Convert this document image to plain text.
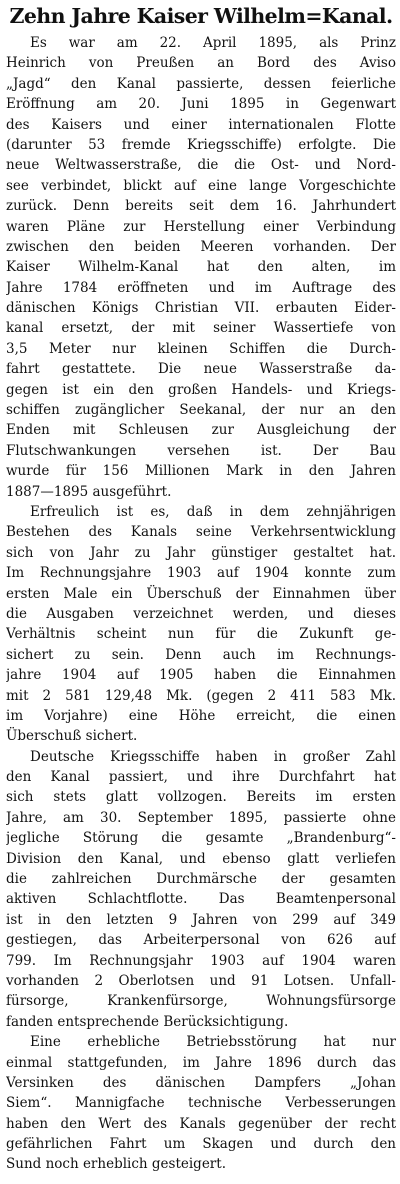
Zehn Jahre Kaiser Wilhelm=Kanal.
Es war am 22. April 1895, als Prinz
Heinrich von Preußen an Bord des Aviso
„Jagd“ den Kanal passierte, dessen feierliche
Eröffnung am 20. Juni 1895 in Gegenwart
des Kaisers und einer internationalen Flotte
(darunter 53 fremde Kriegsschiffe) erfolgte. Die
neue Weltwasserstraße, die die Ost- und Nord-
see verbindet, blickt auf eine lange Vorgeschichte
zurück. Denn bereits seit dem 16. Jahrhundert
waren Pläne zur Herstellung einer Verbindung
zwischen den beiden Meeren vorhanden. Der
Kaiser Wilhelm-Kanal hat den alten, im
Jahre 1784 eröffneten und im Auftrage des
dänischen Königs Christian VII. erbauten Eider-
kanal ersetzt, der mit seiner Wassertiefe von
3,5 Meter nur kleinen Schiffen die Durch-
fahrt gestattete. Die neue Wasserstraße da-
gegen ist ein den großen Handels- und Kriegs-
schiffen zugänglicher Seekanal, der nur an den
Enden mit Schleusen zur Ausgleichung der
Flutschwankungen versehen ist. Der Bau
wurde für 156 Millionen Mark in den Jahren
1887—1895 ausgeführt.
Erfreulich ist es, daß in dem zehnjährigen
Bestehen des Kanals seine Verkehrsentwicklung
sich von Jahr zu Jahr günstiger gestaltet hat.
Im Rechnungsjahre 1903 auf 1904 konnte zum
ersten Male ein Überschuß der Einnahmen über
die Ausgaben verzeichnet werden, und dieses
Verhältnis scheint nun für die Zukunft ge-
sichert zu sein. Denn auch im Rechnungs-
jahre 1904 auf 1905 haben die Einnahmen
mit 2 581 129,48 Mk. (gegen 2 411 583 Mk.
im Vorjahre) eine Höhe erreicht, die einen
Überschuß sichert.
Deutsche Kriegsschiffe haben in großer Zahl
den Kanal passiert, und ihre Durchfahrt hat
sich stets glatt vollzogen. Bereits im ersten
Jahre, am 30. September 1895, passierte ohne
jegliche Störung die gesamte „Brandenburg“-
Division den Kanal, und ebenso glatt verliefen
die zahlreichen Durchmärsche der gesamten
aktiven Schlachtflotte. Das Beamtenpersonal
ist in den letzten 9 Jahren von 299 auf 349
gestiegen, das Arbeiterpersonal von 626 auf
799. Im Rechnungsjahr 1903 auf 1904 waren
vorhanden 2 Oberlotsen und 91 Lotsen. Unfall-
fürsorge, Krankenfürsorge, Wohnungsfürsorge
fanden entsprechende Berücksichtigung.
Eine erhebliche Betriebsstörung hat nur
einmal stattgefunden, im Jahre 1896 durch das
Versinken des dänischen Dampfers „Johan
Siem“. Mannigfache technische Verbesserungen
haben den Wert des Kanals gegenüber der recht
gefährlichen Fahrt um Skagen und durch den
Sund noch erheblich gesteigert.
